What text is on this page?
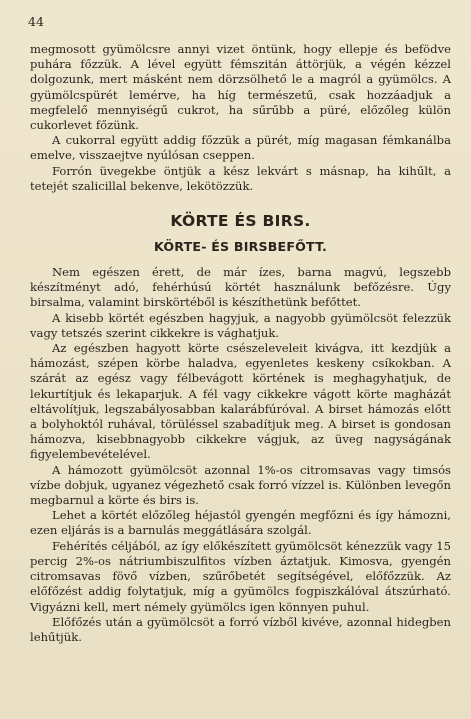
44

megmosott gyümölcsre annyi vizet öntünk, hogy ellepje és befödve puhára főzzük. A lével együtt fémszitán áttörjük, a végén kézzel dolgozunk, mert másként nem dörzsölhető le a magról a gyümölcs. A gyümölcspürét lemérve, ha híg természetű, csak hozzáadjuk a megfelelő mennyiségű cukrot, ha sűrűbb a püré, előzőleg külön cukorlevet főzünk.

A cukorral együtt addig főzzük a pürét, míg magasan fémkanálba emelve, visszaejtve nyúlósan cseppen.

Forrón üvegekbe öntjük a kész lekvárt s másnap, ha kihűlt, a tetejét szalicillal bekenve, lekötözzük.

KÖRTE ÉS BIRS.
KÖRTE- ÉS BIRSBEFŐTT.

Nem egészen érett, de már ízes, barna magvú, legszebb készítményt adó, fehérhúsú körtét használunk befőzésre. Úgy birsalma, valamint birskörtéből is készíthetünk befőttet.

A kisebb körtét egészben hagyjuk, a nagyobb gyümölcsöt felezzük vagy tetszés szerint cikkekre is vághatjuk.

Az egészben hagyott körte csészeleveleit kivágva, itt kezdjük a hámozást, szépen körbe haladva, egyenletes keskeny csíkokban. A szárát az egész vagy félbevágott körtének is meghagyhatjuk, de lekurtítjuk és lekaparjuk. A fél vagy cikkekre vágott körte magházát eltávolítjuk, legszabályosabban kalarábfúróval. A birset hámozás előtt a bolyhoktól ruhával, törüléssel szabadítjuk meg. A birset is gondosan hámozva, kisebbnagyobb cikkekre vágjuk, az üveg nagyságának figyelembevételével.

A hámozott gyümölcsöt azonnal 1%-os citromsavas vagy timsós vízbe dobjuk, ugyanez végezhető csak forró vízzel is. Különben levegőn megbarnul a körte és birs is.

Lehet a körtét előzőleg héjastól gyengén megfőzni és így hámozni, ezen eljárás is a barnulás meggátlására szolgál.

Fehérítés céljából, az így előkészített gyümölcsöt kénezzük vagy 15 percig 2%-os nátriumbiszulfitos vízben áztatjuk. Kimosva, gyengén citromsavas fövő vízben, szűrőbetét segítségével, előfőzzük. Az előfőzést addig folytatjuk, míg a gyümölcs fogpiszkálóval átszúrható. Vigyázni kell, mert némely gyümölcs igen könnyen puhul.

Előfőzés után a gyümölcsöt a forró vízből kivéve, azonnal hidegben lehűtjük.
